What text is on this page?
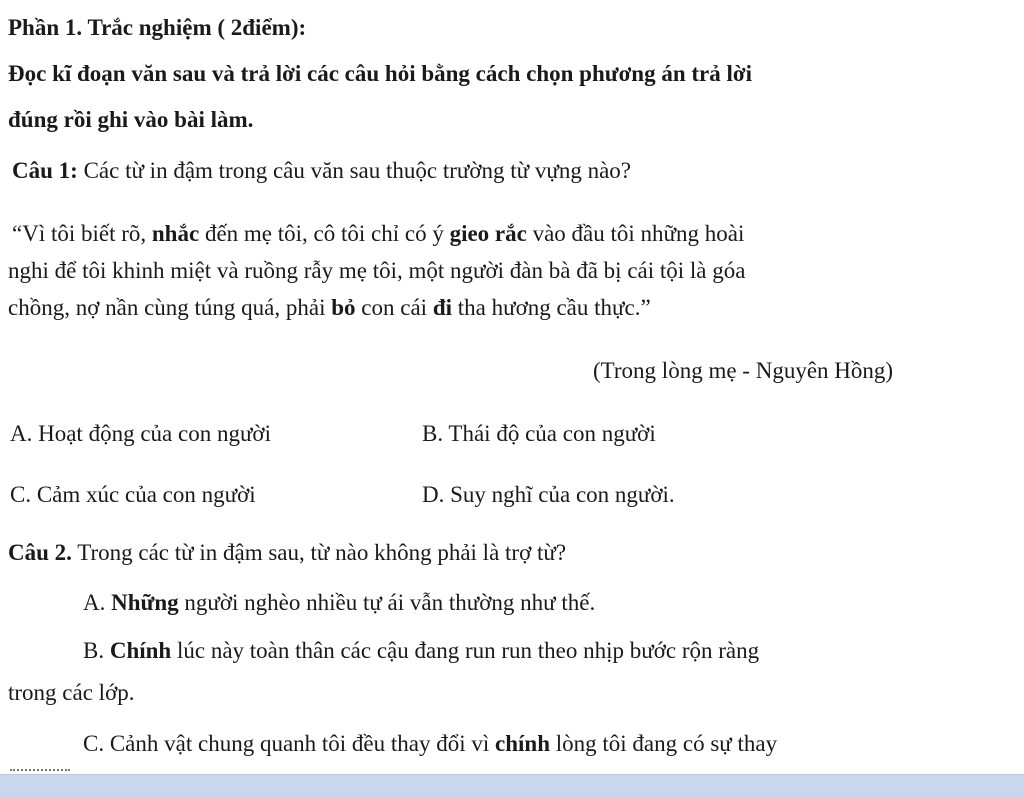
Phần 1. Trắc nghiệm ( 2điểm):
Đọc kĩ đoạn văn sau và trả lời các câu hỏi bằng cách chọn phương án trả lời
đúng rồi ghi vào bài làm.
Câu 1: Các từ in đậm trong câu văn sau thuộc trường từ vựng nào?
“Vì tôi biết rõ, nhắc đến mẹ tôi, cô tôi chỉ có ý gieo rắc vào đầu tôi những hoài
nghi để tôi khinh miệt và ruồng rẫy mẹ tôi, một người đàn bà đã bị cái tội là góa
chồng, nợ nần cùng túng quá, phải bỏ con cái đi tha hương cầu thực.”
(Trong lòng mẹ - Nguyên Hồng)
A. Hoạt động của con người	B. Thái độ của con người
C. Cảm xúc của con người	D. Suy nghĩ của con người.
Câu 2. Trong các từ in đậm sau, từ nào không phải là trợ từ?
A. Những người nghèo nhiều tự ái vẫn thường như thế.
B. Chính lúc này toàn thân các cậu đang run run theo nhịp bước rộn ràng
trong các lớp.
C. Cảnh vật chung quanh tôi đều thay đổi vì chính lòng tôi đang có sự thay
